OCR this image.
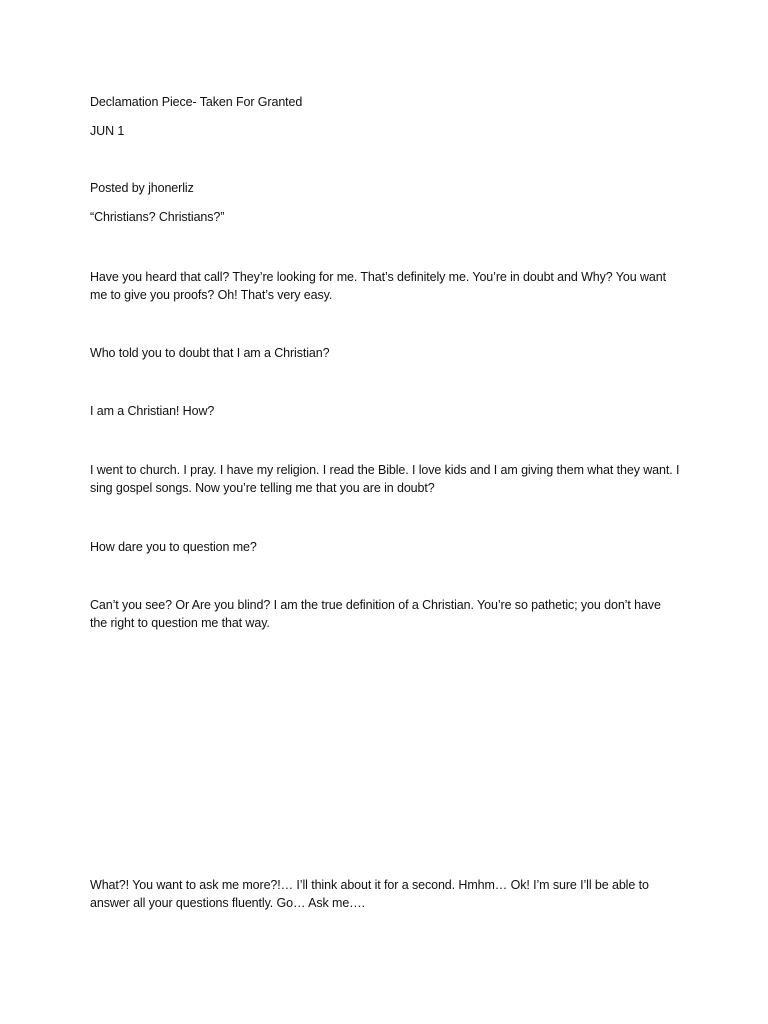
Declamation Piece- Taken For Granted

JUN 1

Posted by jhonerliz

“Christians? Christians?”

Have you heard that call? They’re looking for me. That’s definitely me. You’re in doubt and Why? You want me to give you proofs? Oh! That’s very easy.

Who told you to doubt that I am a Christian?

I am a Christian! How?

I went to church. I pray. I have my religion. I read the Bible. I love kids and I am giving them what they want. I sing gospel songs. Now you’re telling me that you are in doubt?

How dare you to question me?

Can’t you see? Or Are you blind? I am the true definition of a Christian. You’re so pathetic; you don’t have the right to question me that way.

What?! You want to ask me more?!… I’ll think about it for a second. Hmhm… Ok! I’m sure I’ll be able to answer all your questions fluently. Go… Ask me….
